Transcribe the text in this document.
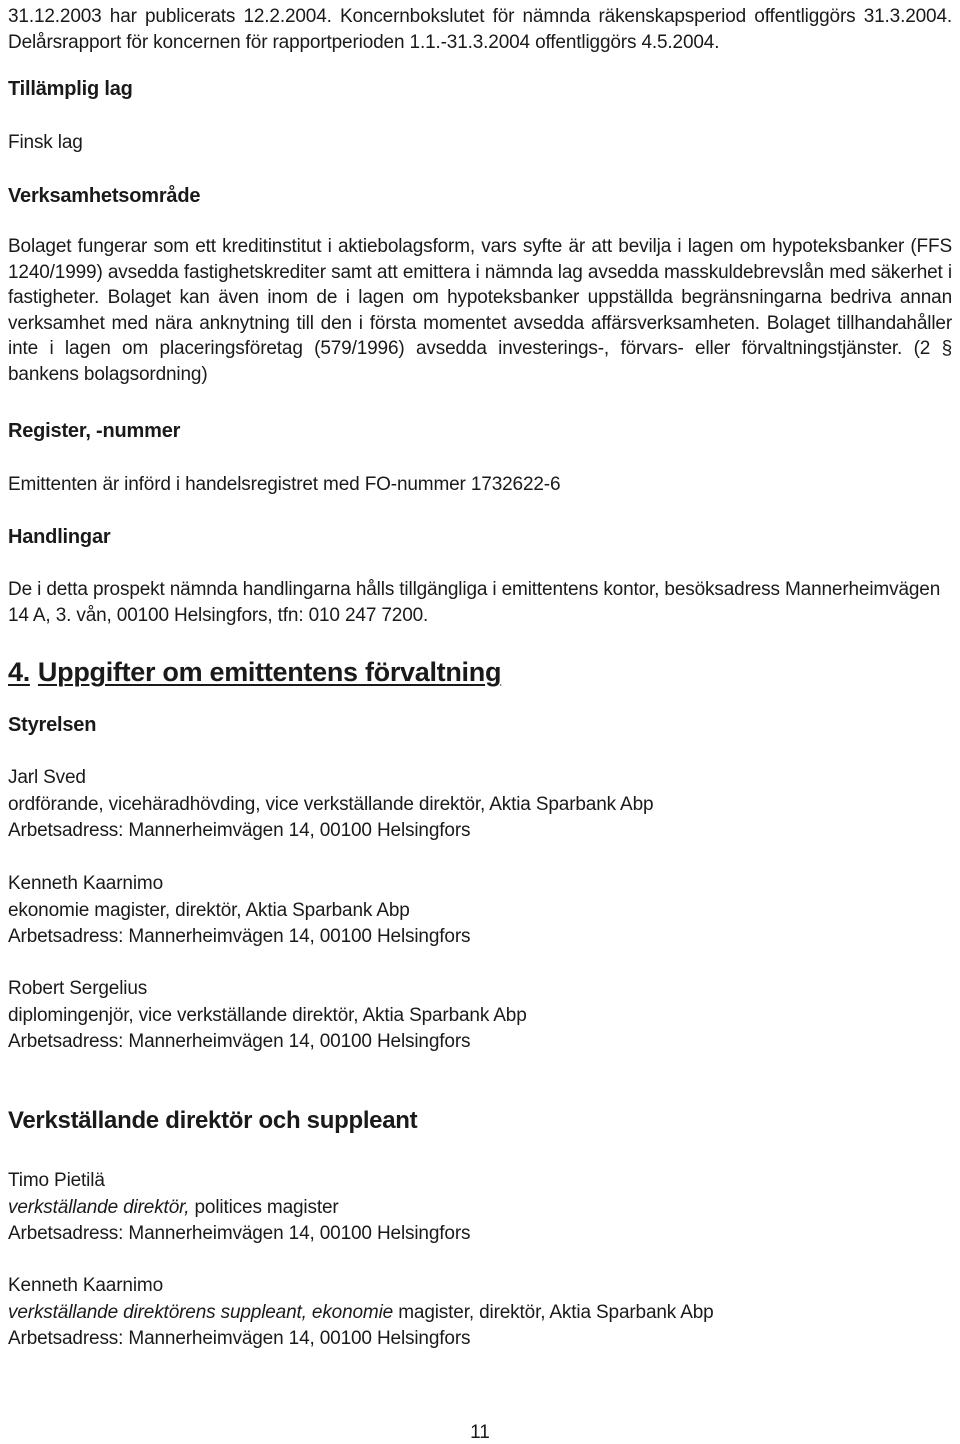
31.12.2003 har publicerats 12.2.2004. Koncernbokslutet för nämnda räkenskapsperiod offentliggörs 31.3.2004. Delårsrapport för koncernen för rapportperioden 1.1.-31.3.2004 offentliggörs 4.5.2004.
Tillämplig lag
Finsk lag
Verksamhetsområde
Bolaget fungerar som ett kreditinstitut i aktiebolagsform, vars syfte är att bevilja i lagen om hypoteksbanker (FFS 1240/1999) avsedda fastighetskrediter samt att emittera i nämnda lag avsedda masskuldebrevslån med säkerhet i fastigheter. Bolaget kan även inom de i lagen om hypoteksbanker uppställda begränsningarna bedriva annan verksamhet med nära anknytning till den i första momentet avsedda affärsverksamheten. Bolaget tillhandahåller inte i lagen om placeringsföretag (579/1996) avsedda investerings-, förvars- eller förvaltningstjänster. (2 § bankens bolagsordning)
Register, -nummer
Emittenten är införd i handelsregistret med FO-nummer 1732622-6
Handlingar
De i detta prospekt nämnda handlingarna hålls tillgängliga i emittentens kontor, besöksadress Mannerheimvägen 14 A, 3. vån, 00100 Helsingfors, tfn: 010 247 7200.
4. Uppgifter om emittentens förvaltning
Styrelsen
Jarl Sved
ordförande, vicehäradhövding, vice verkställande direktör, Aktia Sparbank Abp
Arbetsadress: Mannerheimvägen 14, 00100 Helsingfors
Kenneth Kaarnimo
ekonomie magister, direktör, Aktia Sparbank Abp
Arbetsadress: Mannerheimvägen 14, 00100 Helsingfors
Robert Sergelius
diplomingenjör, vice verkställande direktör, Aktia Sparbank Abp
Arbetsadress: Mannerheimvägen 14, 00100 Helsingfors
Verkställande direktör och suppleant
Timo Pietilä
verkställande direktör, politices magister
Arbetsadress: Mannerheimvägen 14, 00100 Helsingfors
Kenneth Kaarnimo
verkställande direktörens suppleant, ekonomie magister, direktör, Aktia Sparbank Abp
Arbetsadress: Mannerheimvägen 14, 00100 Helsingfors
11
